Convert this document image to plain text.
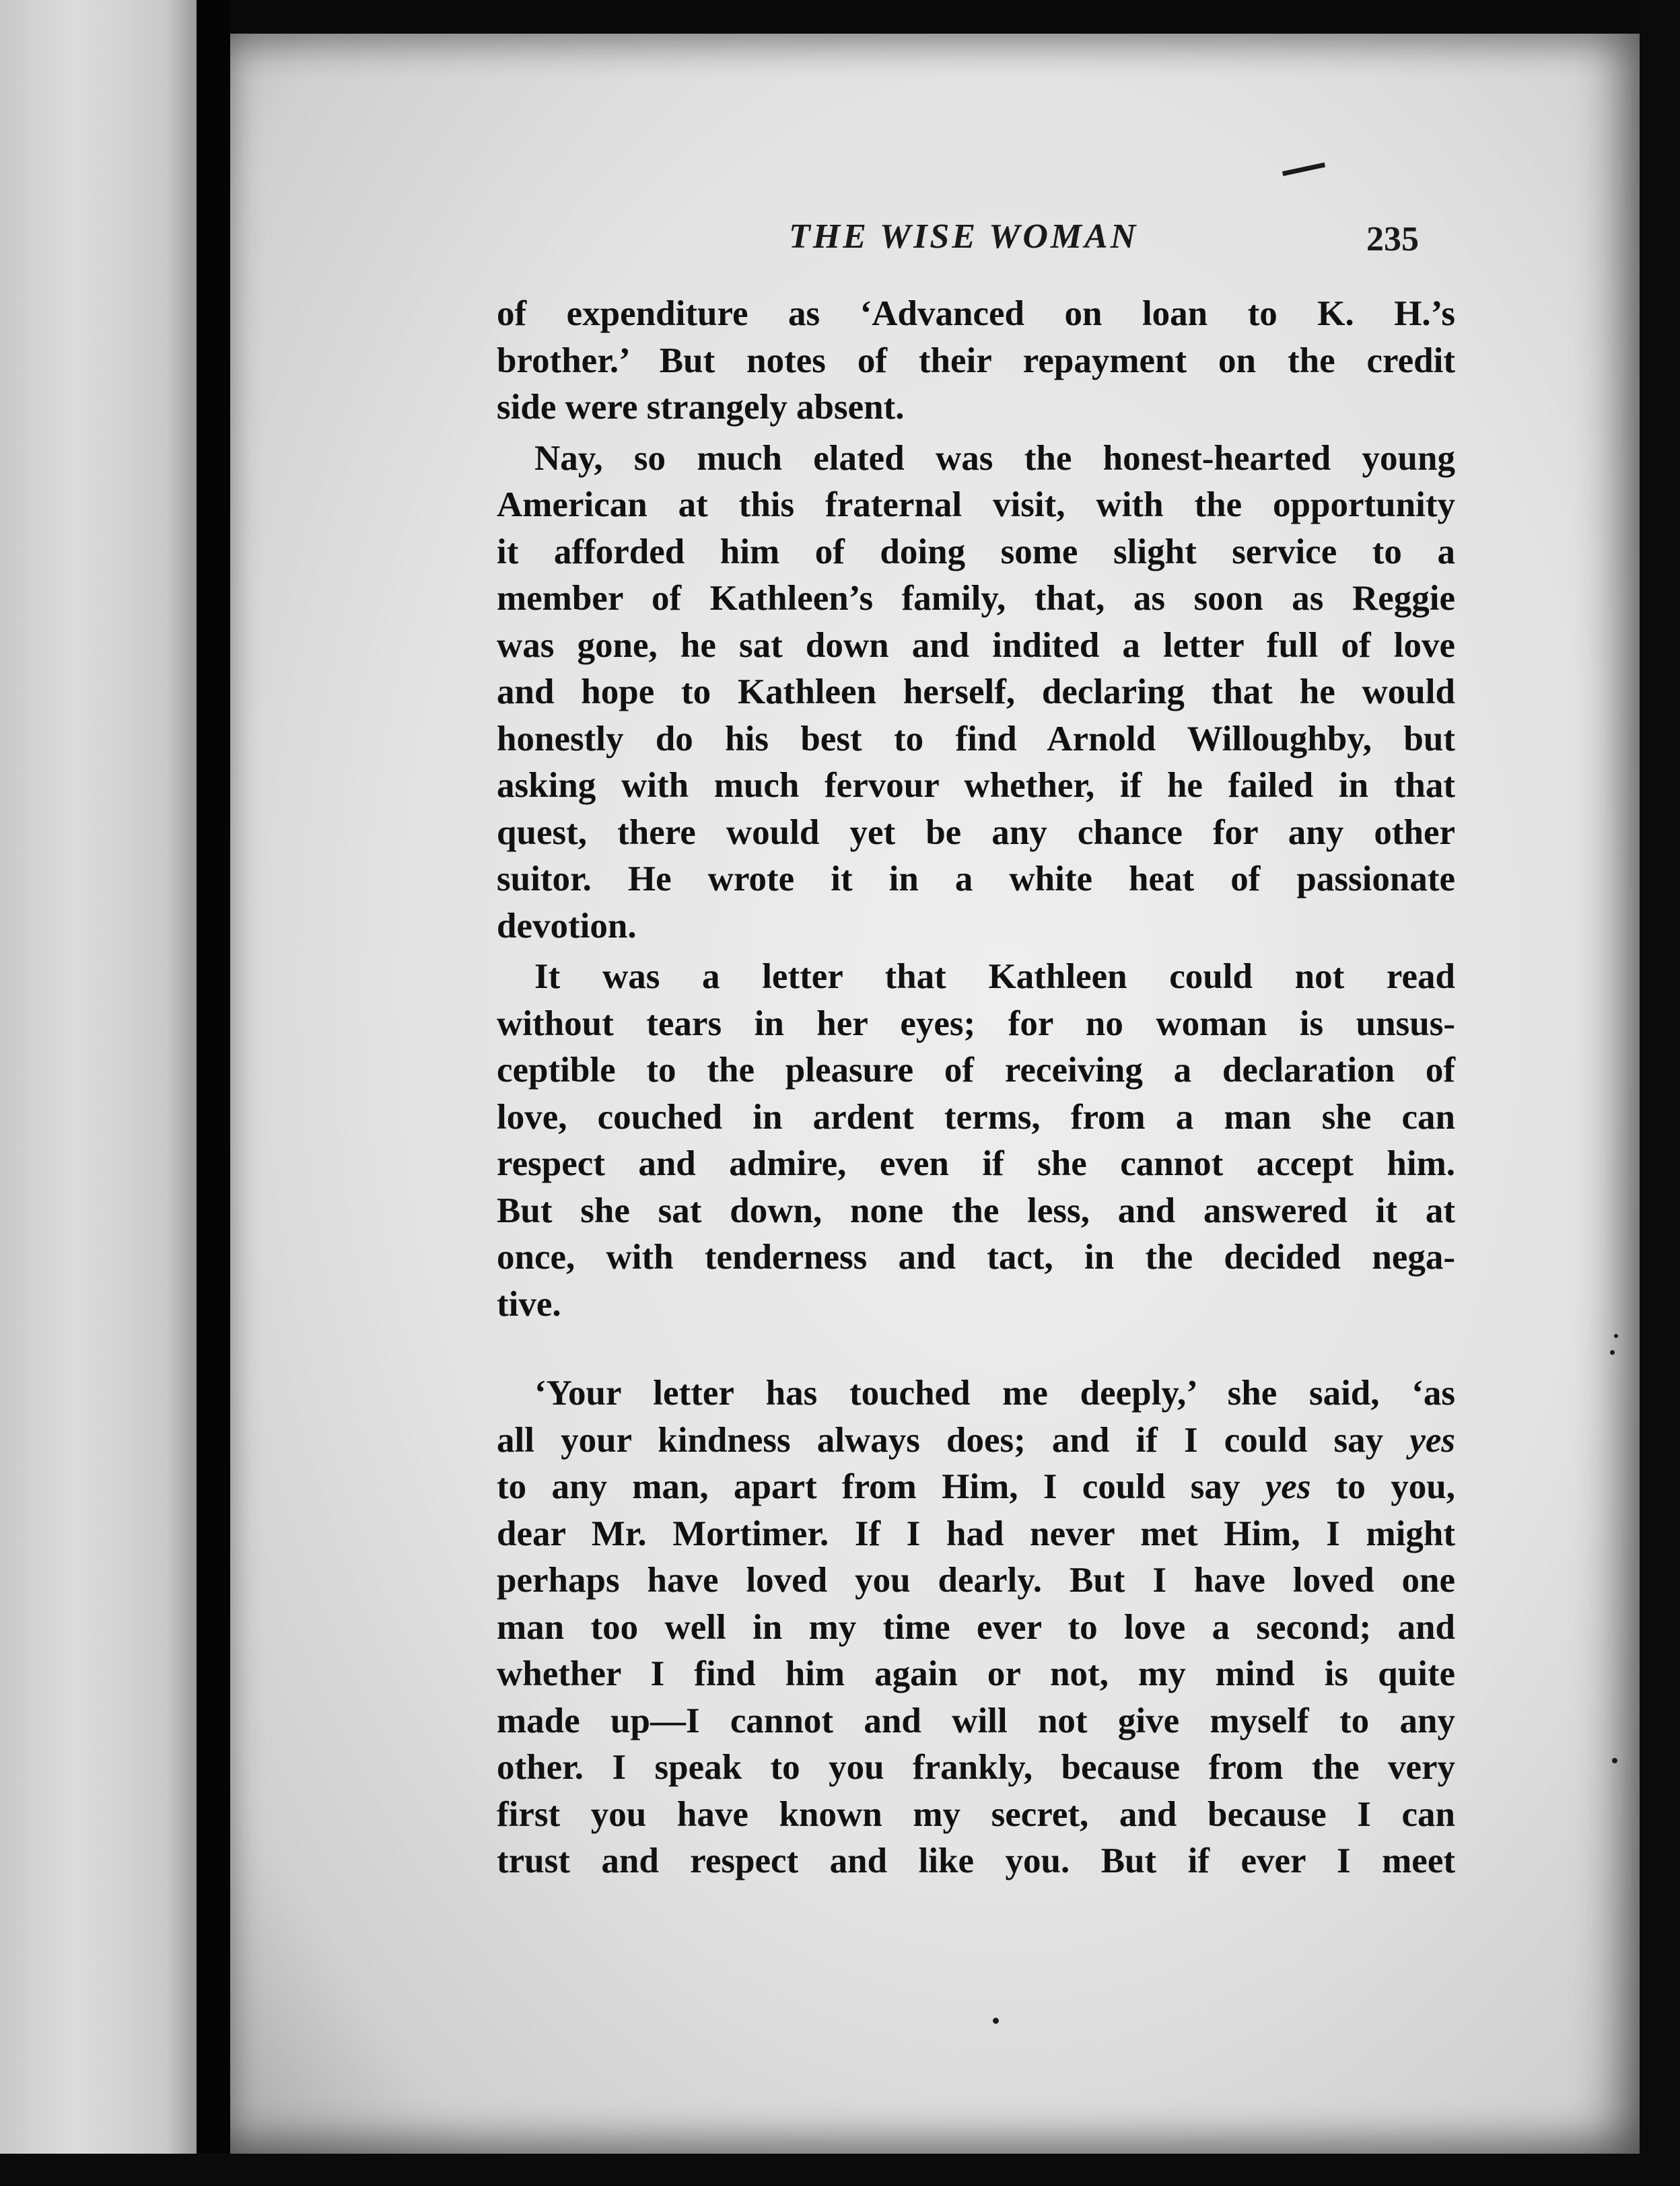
THE WISE WOMAN	235
of expenditure as ‘Advanced on loan to K. H.’s
brother.’ But notes of their repayment on the credit
side were strangely absent.
Nay, so much elated was the honest-hearted young
American at this fraternal visit, with the opportunity
it afforded him of doing some slight service to a
member of Kathleen’s family, that, as soon as Reggie
was gone, he sat down and indited a letter full of love
and hope to Kathleen herself, declaring that he would
honestly do his best to find Arnold Willoughby, but
asking with much fervour whether, if he failed in that
quest, there would yet be any chance for any other
suitor. He wrote it in a white heat of passionate
devotion.
It was a letter that Kathleen could not read
without tears in her eyes; for no woman is unsus-
ceptible to the pleasure of receiving a declaration of
love, couched in ardent terms, from a man she can
respect and admire, even if she cannot accept him.
But she sat down, none the less, and answered it at
once, with tenderness and tact, in the decided nega-
tive.
‘Your letter has touched me deeply,’ she said, ‘as
all your kindness always does; and if I could say yes
to any man, apart from Him, I could say yes to you,
dear Mr. Mortimer. If I had never met Him, I might
perhaps have loved you dearly. But I have loved one
man too well in my time ever to love a second; and
whether I find him again or not, my mind is quite
made up—I cannot and will not give myself to any
other. I speak to you frankly, because from the very
first you have known my secret, and because I can
trust and respect and like you. But if ever I meet
